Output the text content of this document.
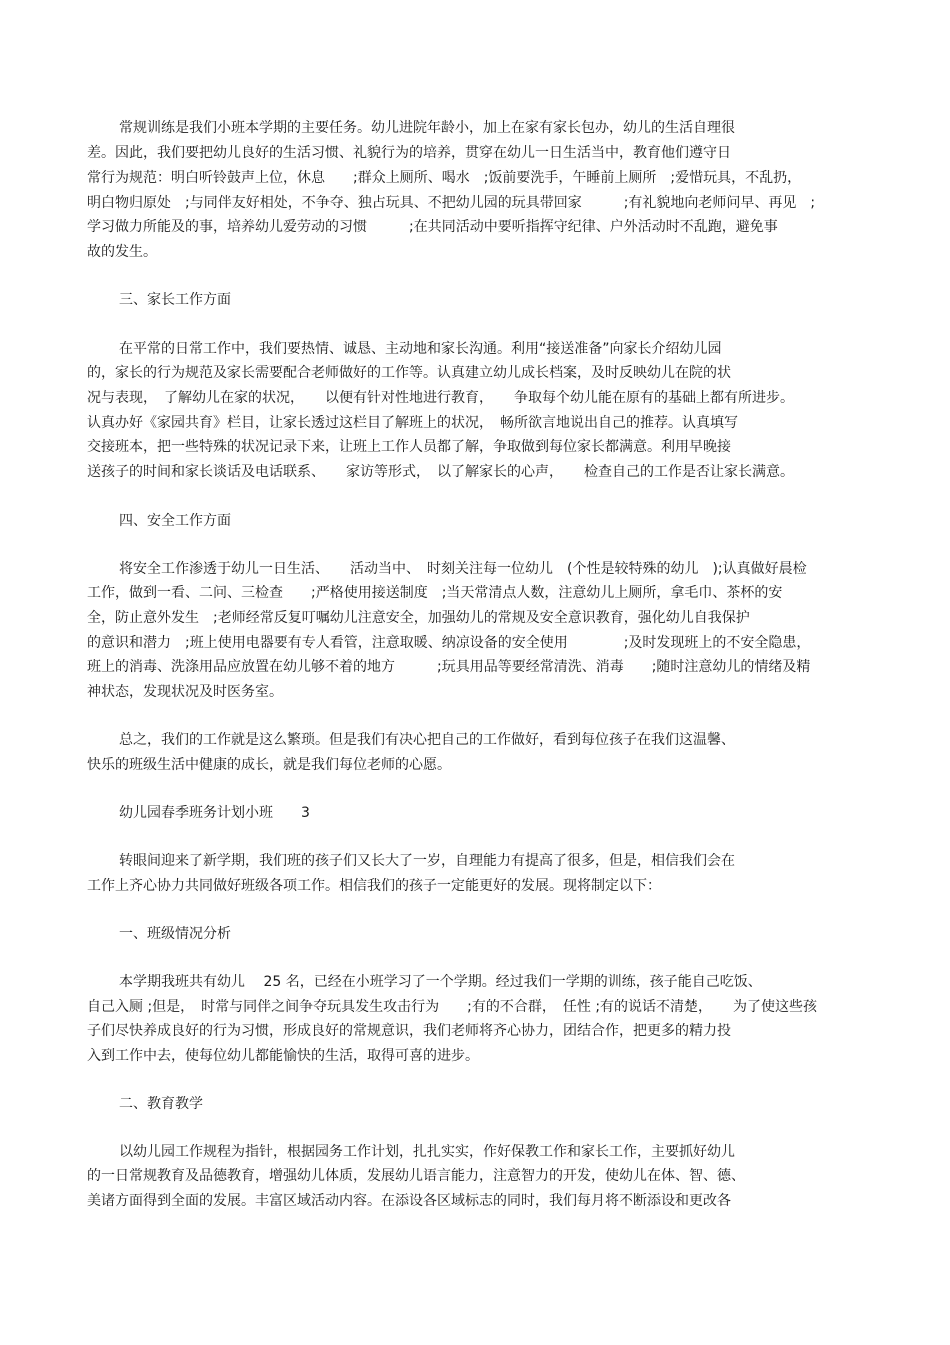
常规训练是我们小班本学期的主要任务。幼儿进院年龄小，加上在家有家长包办，幼儿的生活自理很
差。因此，我们要把幼儿良好的生活习惯、礼貌行为的培养，贯穿在幼儿一日生活当中，教育他们遵守日
常行为规范：明白听铃鼓声上位，休息　　;群众上厕所、喝水　;饭前要洗手，午睡前上厕所　;爱惜玩具，不乱扔，
明白物归原处　;与同伴友好相处，不争夺、独占玩具、不把幼儿园的玩具带回家　　　;有礼貌地向老师问早、再见　;
学习做力所能及的事，培养幼儿爱劳动的习惯　　　;在共同活动中要听指挥守纪律、户外活动时不乱跑，避免事
故的发生。
三、家长工作方面
在平常的日常工作中，我们要热情、诚恳、主动地和家长沟通。利用“接送准备”向家长介绍幼儿园
的，家长的行为规范及家长需要配合老师做好的工作等。认真建立幼儿成长档案，及时反映幼儿在院的状
况与表现，　了解幼儿在家的状况，　　以便有针对性地进行教育，　　争取每个幼儿能在原有的基础上都有所进步。
认真办好《家园共育》栏目，让家长透过这栏目了解班上的状况，　畅所欲言地说出自己的推荐。认真填写
交接班本，把一些特殊的状况记录下来，让班上工作人员都了解，争取做到每位家长都满意。利用早晚接
送孩子的时间和家长谈话及电话联系、　　家访等形式，　以了解家长的心声，　　检查自己的工作是否让家长满意。
四、安全工作方面
将安全工作渗透于幼儿一日生活、　　活动当中、　时刻关注每一位幼儿　(个性是较特殊的幼儿　);认真做好晨检
工作，做到一看、二问、三检查　　;严格使用接送制度　;当天常清点人数，注意幼儿上厕所，拿毛巾、茶杯的安
全，防止意外发生　;老师经常反复叮嘱幼儿注意安全，加强幼儿的常规及安全意识教育，强化幼儿自我保护
的意识和潜力　;班上使用电器要有专人看管，注意取暖、纳凉设备的安全使用　　　　;及时发现班上的不安全隐患，
班上的消毒、洗涤用品应放置在幼儿够不着的地方　　　;玩具用品等要经常清洗、消毒　　;随时注意幼儿的情绪及精
神状态，发现状况及时医务室。
总之，我们的工作就是这么繁琐。但是我们有决心把自己的工作做好，看到每位孩子在我们这温馨、
快乐的班级生活中健康的成长，就是我们每位老师的心愿。
幼儿园春季班务计划小班　　3
转眼间迎来了新学期，我们班的孩子们又长大了一岁，自理能力有提高了很多，但是，相信我们会在
工作上齐心协力共同做好班级各项工作。相信我们的孩子一定能更好的发展。现将制定以下：
一、班级情况分析
本学期我班共有幼儿　 25 名，已经在小班学习了一个学期。经过我们一学期的训练，孩子能自己吃饭、
自己入厕 ;但是，　时常与同伴之间争夺玩具发生攻击行为　　;有的不合群，　任性 ;有的说话不清楚，　　为了使这些孩
子们尽快养成良好的行为习惯，形成良好的常规意识，我们老师将齐心协力，团结合作，把更多的精力投
入到工作中去，使每位幼儿都能愉快的生活，取得可喜的进步。
二、教育教学
以幼儿园工作规程为指针，根据园务工作计划，扎扎实实，作好保教工作和家长工作，主要抓好幼儿
的一日常规教育及品德教育，增强幼儿体质，发展幼儿语言能力，注意智力的开发，使幼儿在体、智、德、
美诸方面得到全面的发展。丰富区域活动内容。在添设各区域标志的同时，我们每月将不断添设和更改各
